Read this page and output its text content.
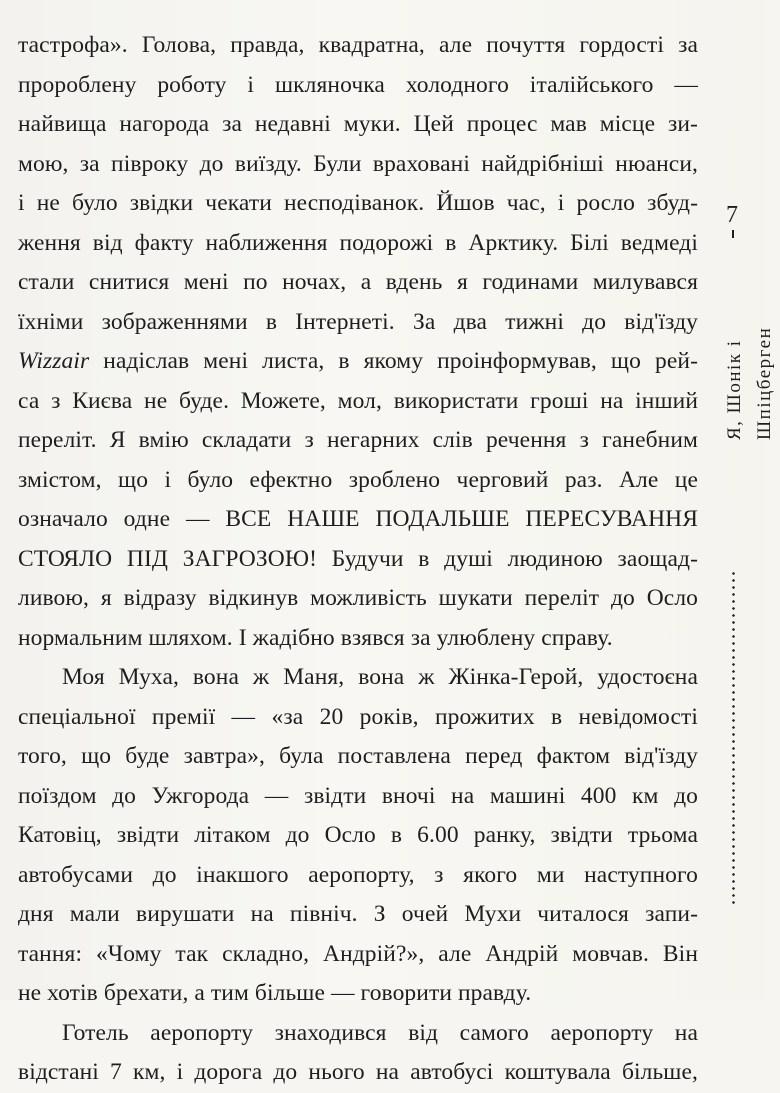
тастрофа». Голова, правда, квадратна, але почуття гордості за
пророблену роботу і шкляночка холодного італійського —
найвища нагорода за недавні муки. Цей процес мав місце зи-
мою, за півроку до виїзду. Були враховані найдрібніші нюанси,
і не було звідки чекати несподіванок. Йшов час, і росло збуд-
ження від факту наближення подорожі в Арктику. Білі ведмеді
стали снитися мені по ночах, а вдень я годинами милувався
їхніми зображеннями в Інтернеті. За два тижні до від'їзду
Wizzair надіслав мені листа, в якому проінформував, що рей-
са з Києва не буде. Можете, мол, використати гроші на інший
переліт. Я вмію складати з негарних слів речення з ганебним
змістом, що і було ефектно зроблено черговий раз. Але це
означало одне — ВСЕ НАШЕ ПОДАЛЬШЕ ПЕРЕСУВАННЯ
СТОЯЛО ПІД ЗАГРОЗОЮ! Будучи в душі людиною заощад-
ливою, я відразу відкинув можливість шукати переліт до Осло
нормальним шляхом. І жадібно взявся за улюблену справу.
Моя Муха, вона ж Маня, вона ж Жінка-Герой, удостоєна
спеціальної премії — «за 20 років, прожитих в невідомості
того, що буде завтра», була поставлена перед фактом від'їзду
поїздом до Ужгорода — звідти вночі на машині 400 км до
Катовіц, звідти літаком до Осло в 6.00 ранку, звідти трьома
автобусами до інакшого аеропорту, з якого ми наступного
дня мали вирушати на північ. З очей Мухи читалося запи-
тання: «Чому так складно, Андрій?», але Андрій мовчав. Він
не хотів брехати, а тим більше — говорити правду.
Готель аеропорту знаходився від самого аеропорту на
відстані 7 км, і дорога до нього на автобусі коштувала більше,
7
Я, Шонік і Шпіцберген
